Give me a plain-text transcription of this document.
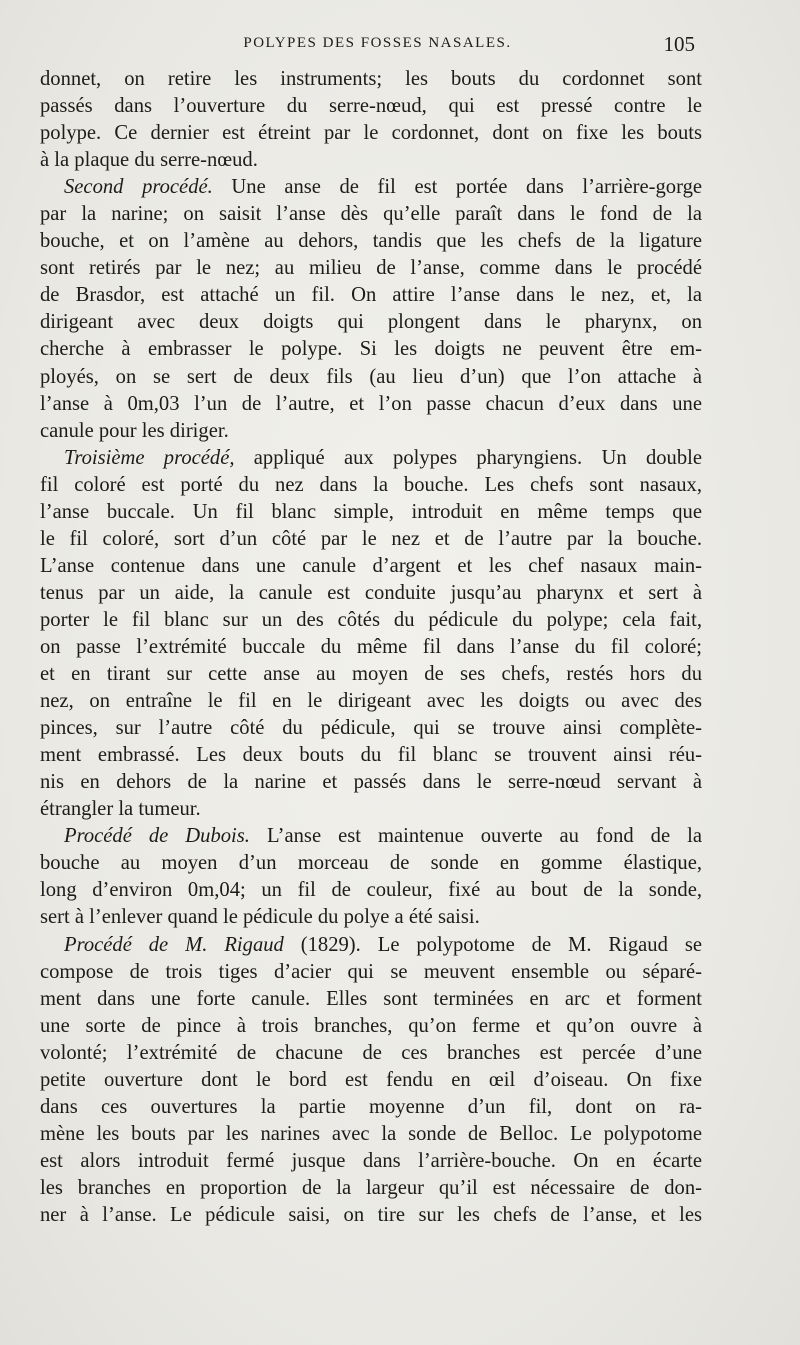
POLYPES DES FOSSES NASALES.	105
donnet, on retire les instruments; les bouts du cordonnet sont
passés dans l’ouverture du serre-nœud, qui est pressé contre le
polype. Ce dernier est étreint par le cordonnet, dont on fixe les bouts
à la plaque du serre-nœud.
Second procédé. Une anse de fil est portée dans l’arrière-gorge
par la narine; on saisit l’anse dès qu’elle paraît dans le fond de la
bouche, et on l’amène au dehors, tandis que les chefs de la ligature
sont retirés par le nez; au milieu de l’anse, comme dans le procédé
de Brasdor, est attaché un fil. On attire l’anse dans le nez, et, la
dirigeant avec deux doigts qui plongent dans le pharynx, on
cherche à embrasser le polype. Si les doigts ne peuvent être em-
ployés, on se sert de deux fils (au lieu d’un) que l’on attache à
l’anse à 0m,03 l’un de l’autre, et l’on passe chacun d’eux dans une
canule pour les diriger.
Troisième procédé, appliqué aux polypes pharyngiens. Un double
fil coloré est porté du nez dans la bouche. Les chefs sont nasaux,
l’anse buccale. Un fil blanc simple, introduit en même temps que
le fil coloré, sort d’un côté par le nez et de l’autre par la bouche.
L’anse contenue dans une canule d’argent et les chef nasaux main-
tenus par un aide, la canule est conduite jusqu’au pharynx et sert à
porter le fil blanc sur un des côtés du pédicule du polype; cela fait,
on passe l’extrémité buccale du même fil dans l’anse du fil coloré;
et en tirant sur cette anse au moyen de ses chefs, restés hors du
nez, on entraîne le fil en le dirigeant avec les doigts ou avec des
pinces, sur l’autre côté du pédicule, qui se trouve ainsi complète-
ment embrassé. Les deux bouts du fil blanc se trouvent ainsi réu-
nis en dehors de la narine et passés dans le serre-nœud servant à
étrangler la tumeur.
Procédé de Dubois. L’anse est maintenue ouverte au fond de la
bouche au moyen d’un morceau de sonde en gomme élastique,
long d’environ 0m,04; un fil de couleur, fixé au bout de la sonde,
sert à l’enlever quand le pédicule du polye a été saisi.
Procédé de M. Rigaud (1829). Le polypotome de M. Rigaud se
compose de trois tiges d’acier qui se meuvent ensemble ou séparé-
ment dans une forte canule. Elles sont terminées en arc et forment
une sorte de pince à trois branches, qu’on ferme et qu’on ouvre à
volonté; l’extrémité de chacune de ces branches est percée d’une
petite ouverture dont le bord est fendu en œil d’oiseau. On fixe
dans ces ouvertures la partie moyenne d’un fil, dont on ra-
mène les bouts par les narines avec la sonde de Belloc. Le polypotome
est alors introduit fermé jusque dans l’arrière-bouche. On en écarte
les branches en proportion de la largeur qu’il est nécessaire de don-
ner à l’anse. Le pédicule saisi, on tire sur les chefs de l’anse, et les
